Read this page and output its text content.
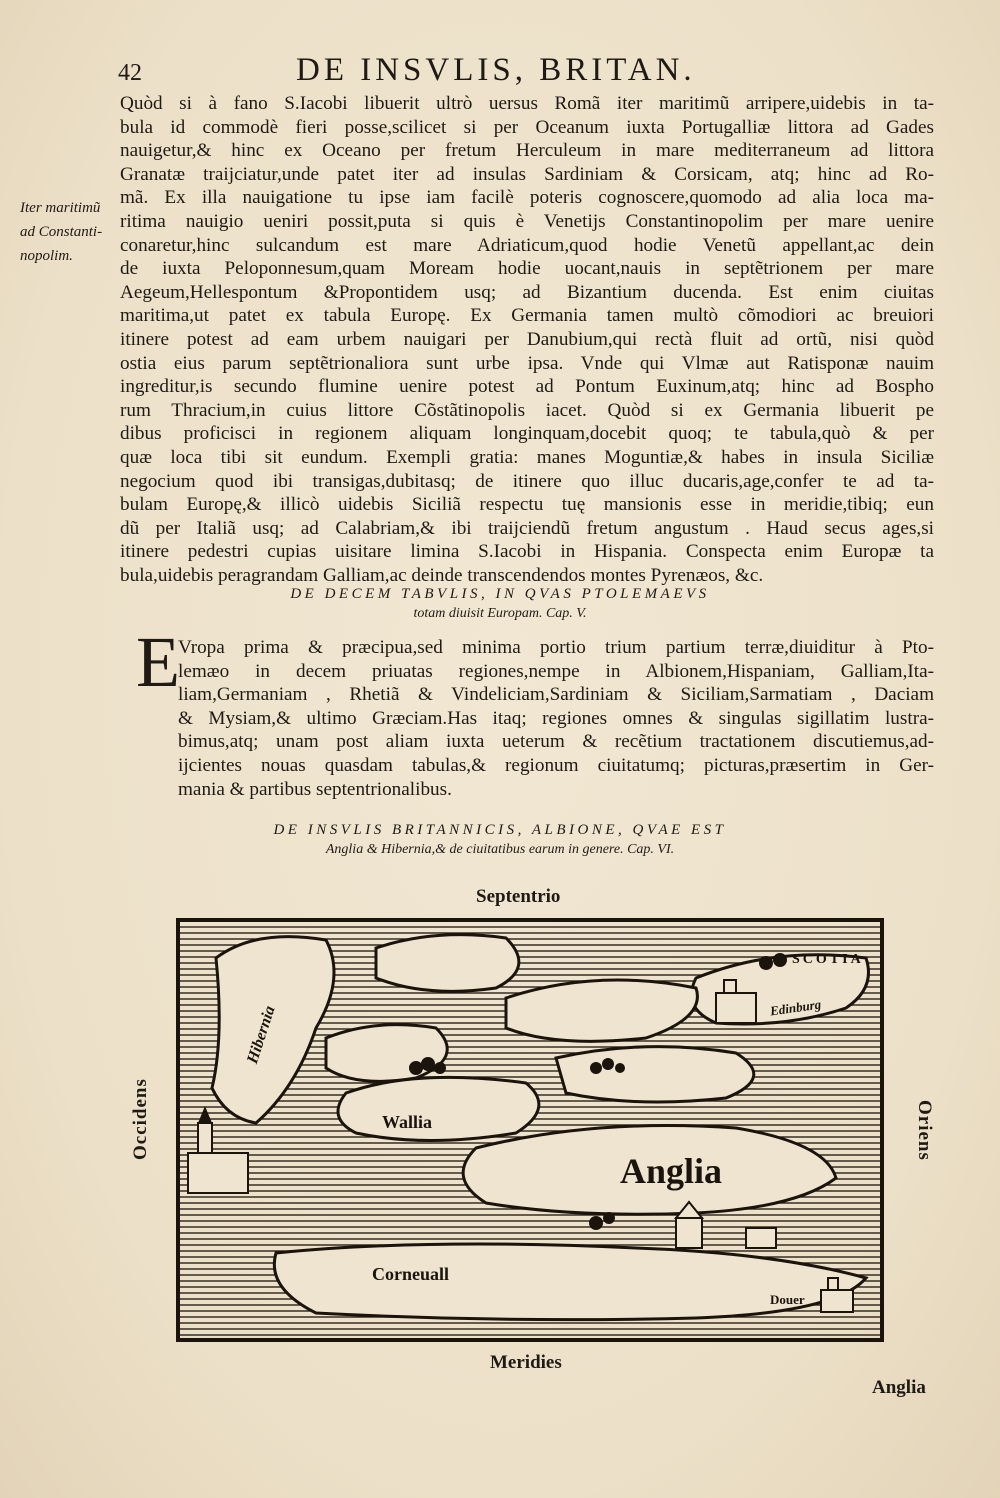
42	DE INSVLIS, BRITAN.
Iter maritimũ
ad Constanti-
nopolim.
Quòd si à fano S.Iacobi libuerit ultrò uersus Romã iter maritimũ arripere,uidebis in ta-
bula id commodè fieri posse,scilicet si per Oceanum iuxta Portugalliæ littora ad Gades
nauigetur,& hinc ex Oceano per fretum Herculeum in mare mediterraneum ad littora
Granatæ traijciatur,unde patet iter ad insulas Sardiniam & Corsicam, atq; hinc ad Ro-
mã. Ex illa nauigatione tu ipse iam facilè poteris cognoscere,quomodo ad alia loca ma-
ritima nauigio ueniri possit,puta si quis è Venetijs Constantinopolim per mare uenire
conaretur,hinc sulcandum est mare Adriaticum,quod hodie Venetũ appellant,ac dein
de iuxta Peloponnesum,quam Moream hodie uocant,nauis in septẽtrionem per mare
Aegeum,Hellespontum &Propontidem usq; ad Bizantium ducenda. Est enim ciuitas
maritima,ut patet ex tabula Europę. Ex Germania tamen multò cõmodiori ac breuiori
itinere potest ad eam urbem nauigari per Danubium,qui rectà fluit ad ortũ, nisi quòd
ostia eius parum septẽtrionaliora sunt urbe ipsa. Vnde qui Vlmæ aut Ratisponæ nauim
ingreditur,is secundo flumine uenire potest ad Pontum Euxinum,atq; hinc ad Bospho
rum Thracium,in cuius littore Cõstãtinopolis iacet. Quòd si ex Germania libuerit pe
dibus proficisci in regionem aliquam longinquam,docebit quoq; te tabula,quò & per
quæ loca tibi sit eundum. Exempli gratia: manes Moguntiæ,& habes in insula Siciliæ
negocium quod ibi transigas,dubitasq; de itinere quo illuc ducaris,age,confer te ad ta-
bulam Europę,& illicò uidebis Siciliã respectu tuę mansionis esse in meridie,tibiq; eun
dũ per Italiã usq; ad Calabriam,& ibi traijciendũ fretum angustum . Haud secus ages,si
itinere pedestri cupias uisitare limina S.Iacobi in Hispania. Conspecta enim Europæ ta
bula,uidebis peragrandam Galliam,ac deinde transcendendos montes Pyrenæos, &c.
DE DECEM TABVLIS, IN QVAS PTOLEMAEVS
totam diuisit Europam. Cap. V.
E
Vropa prima & præcipua,sed minima portio trium partium terræ,diuiditur à Pto-
lemæo in decem priuatas regiones,nempe in Albionem,Hispaniam, Galliam,Ita-
liam,Germaniam , Rhetiã & Vindeliciam,Sardiniam & Siciliam,Sarmatiam , Daciam
& Mysiam,& ultimo Græciam.Has itaq; regiones omnes & singulas sigillatim lustra-
bimus,atq; unam post aliam iuxta ueterum & recẽtium tractationem discutiemus,ad-
ijcientes nouas quasdam tabulas,& regionum ciuitatumq; picturas,præsertim in Ger-
mania & partibus septentrionalibus.
DE INSVLIS BRITANNICIS, ALBIONE, QVAE EST
Anglia & Hibernia,& de ciuitatibus earum in genere. Cap. VI.
Septentrio
Meridies
Occidens	Oriens
SCOTIA
Edinburg
Hibernia
Wallia
Anglia
Corneuall
Douer
Anglia
